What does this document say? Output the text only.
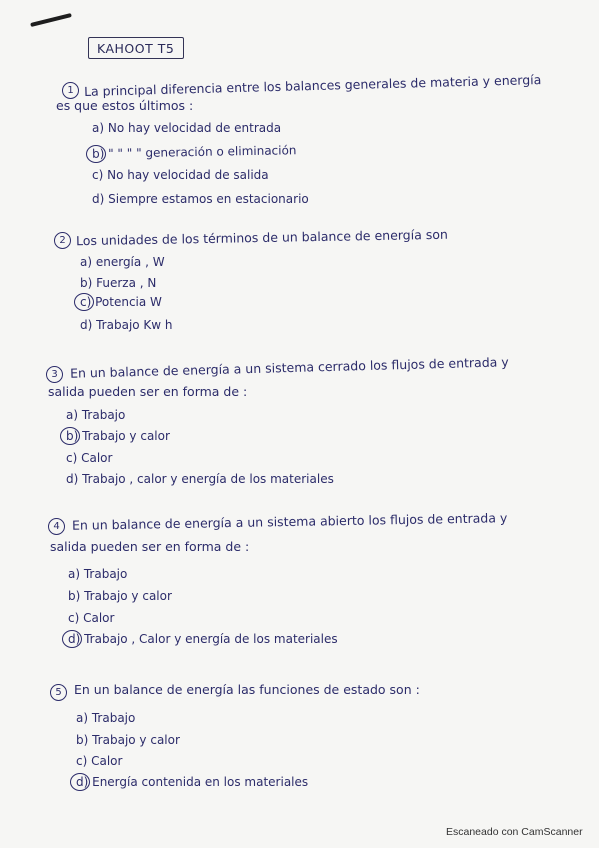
KAHOOT T5
1 La principal diferencia entre los balances generales de materia y energía
es que estos últimos :
a) No hay velocidad de entrada
b) " " " " generación o eliminación
c) No hay velocidad de salida
d) Siempre estamos en estacionario
2 Los unidades de los términos de un balance de energía son
a) energía , W
b) Fuerza , N
c) Potencia W
d) Trabajo Kw h
3 En un balance de energía a un sistema cerrado los flujos de entrada y
salida pueden ser en forma de :
a) Trabajo
b) Trabajo y calor
c) Calor
d) Trabajo , calor y energía de los materiales
4 En un balance de energía a un sistema abierto los flujos de entrada y
salida pueden ser en forma de :
a) Trabajo
b) Trabajo y calor
c) Calor
d) Trabajo , Calor y energía de los materiales
5 En un balance de energía las funciones de estado son :
a) Trabajo
b) Trabajo y calor
c) Calor
d) Energía contenida en los materiales
Escaneado con CamScanner
